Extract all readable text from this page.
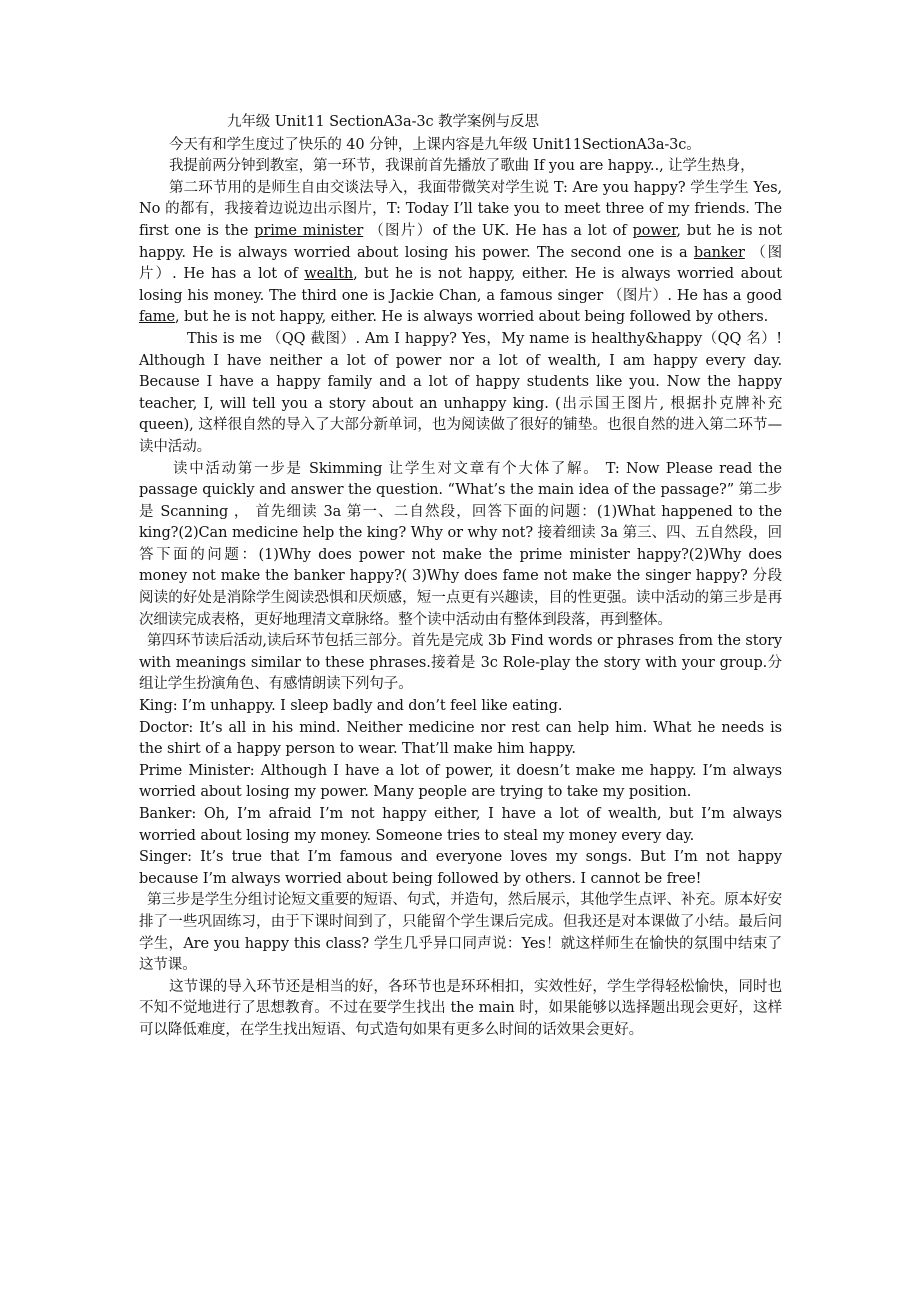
九年级 Unit11 SectionA3a-3c 教学案例与反思

今天有和学生度过了快乐的 40 分钟，上课内容是九年级 Unit11SectionA3a-3c。

我提前两分钟到教室，第一环节，我课前首先播放了歌曲 If you are happy.., 让学生热身，

第二环节用的是师生自由交谈法导入，我面带微笑对学生说 T: Are you happy? 学生学生 Yes, No 的都有，我接着边说边出示图片，T: Today I’ll take you to meet three of my friends. The first one is the prime minister （图片）of the UK. He has a lot of power, but he is not happy. He is always worried about losing his power. The second one is a banker （图片）. He has a lot of wealth, but he is not happy, either. He is always worried about losing his money. The third one is Jackie Chan, a famous singer （图片）. He has a good fame, but he is not happy, either. He is always worried about being followed by others.

This is me （QQ 截图）. Am I happy? Yes，My name is healthy&happy（QQ 名）! Although I have neither a lot of power nor a lot of wealth, I am happy every day. Because I have a happy family and a lot of happy students like you. Now the happy teacher, I, will tell you a story about an unhappy king. (出示国王图片, 根据扑克牌补充 queen), 这样很自然的导入了大部分新单词，也为阅读做了很好的铺垫。也很自然的进入第二环节—读中活动。

读中活动第一步是 Skimming 让学生对文章有个大体了解。 T: Now Please read the passage quickly and answer the question. “What’s the main idea of the passage?” 第二步是 Scanning ， 首先细读 3a 第一、二自然段，回答下面的问题：(1)What happened to the king?(2)Can medicine help the king? Why or why not? 接着细读 3a 第三、四、五自然段，回答下面的问题：(1)Why does power not make the prime minister happy?(2)Why does money not make the banker happy?( 3)Why does fame not make the singer happy? 分段阅读的好处是消除学生阅读恐惧和厌烦感，短一点更有兴趣读，目的性更强。读中活动的第三步是再次细读完成表格，更好地理清文章脉络。整个读中活动由有整体到段落，再到整体。

第四环节读后活动,读后环节包括三部分。首先是完成 3b Find words or phrases from the story with meanings similar to these phrases.接着是 3c Role-play the story with your group.分组让学生扮演角色、有感情朗读下列句子。

King: I’m unhappy. I sleep badly and don’t feel like eating.

Doctor: It’s all in his mind. Neither medicine nor rest can help him. What he needs is the shirt of a happy person to wear. That’ll make him happy.

Prime Minister: Although I have a lot of power, it doesn’t make me happy. I’m always worried about losing my power. Many people are trying to take my position.

Banker: Oh, I’m afraid I’m not happy either, I have a lot of wealth, but I’m always worried about losing my money. Someone tries to steal my money every day.

Singer: It’s true that I’m famous and everyone loves my songs. But I’m not happy because I’m always worried about being followed by others. I cannot be free!

第三步是学生分组讨论短文重要的短语、句式，并造句，然后展示，其他学生点评、补充。原本好安排了一些巩固练习，由于下课时间到了，只能留个学生课后完成。但我还是对本课做了小结。最后问学生，Are you happy this class? 学生几乎异口同声说：Yes！就这样师生在愉快的氛围中结束了这节课。

这节课的导入环节还是相当的好，各环节也是环环相扣，实效性好，学生学得轻松愉快，同时也不知不觉地进行了思想教育。不过在要学生找出 the main 时，如果能够以选择题出现会更好，这样可以降低难度，在学生找出短语、句式造句如果有更多么时间的话效果会更好。
